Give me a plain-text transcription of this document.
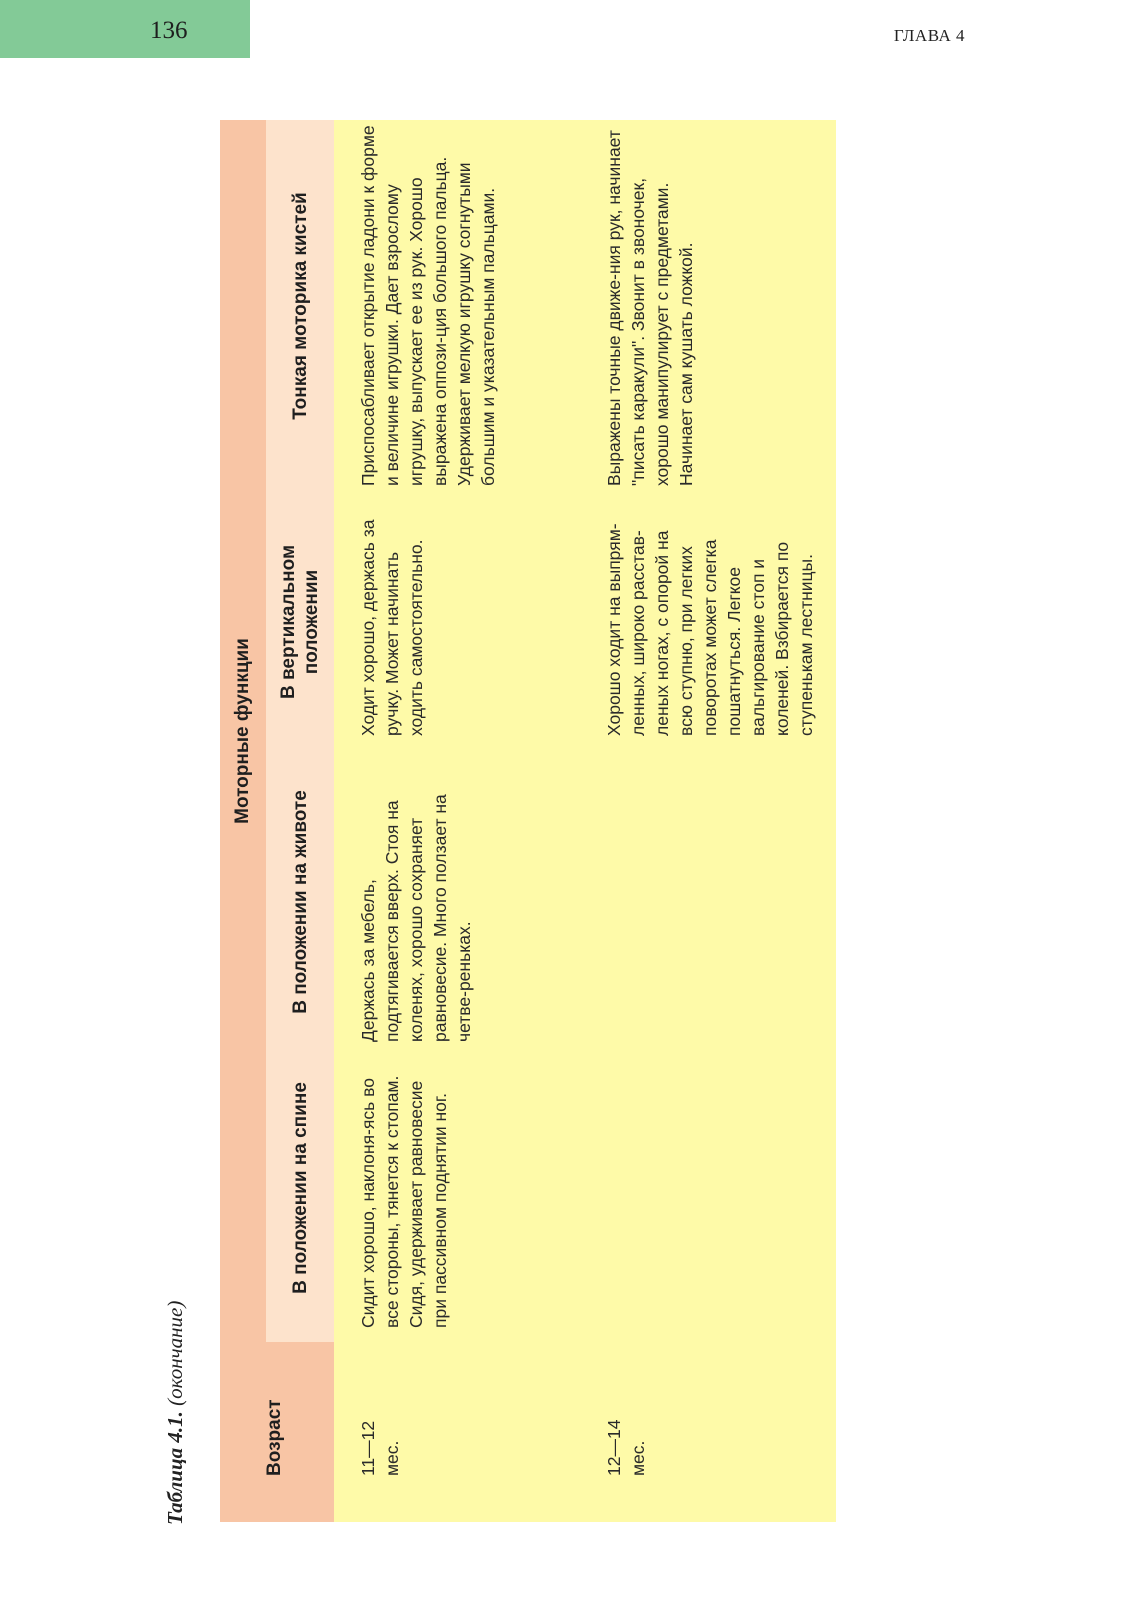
136	ГЛАВА 4
Таблица 4.1. (окончание)
Возраст
Моторные функции
В положении на спине
В положении на животе
В вертикальном положении
Тонкая моторика кистей
11—12 мес.
Сидит хорошо, наклоня-ясь во все стороны, тянется к стопам. Сидя, удерживает равновесие при пассивном поднятии ног.
Держась за мебель, подтягивается вверх. Стоя на коленях, хорошо сохраняет равновесие. Много ползает на четве-реньках.
Ходит хорошо, держась за ручку. Может начинать ходить самостоятельно.
Приспосабливает открытие ладони к форме и величине игрушки. Дает взрослому игрушку, выпускает ее из рук. Хорошо выражена оппози-ция большого пальца. Удерживает мелкую игрушку согнутыми большим и указательным пальцами.
12—14 мес.
Хорошо ходит на выпрям-ленных, широко расстав-леных ногах, с опорой на всю ступню, при легких поворотах может слегка пошатнуться. Легкое вальгирование стоп и коленей. Взбирается по ступенькам лестницы.
Выражены точные движе-ния рук, начинает "писать каракули". Звонит в звоночек, хорошо манипулирует с предметами. Начинает сам кушать ложкой.
